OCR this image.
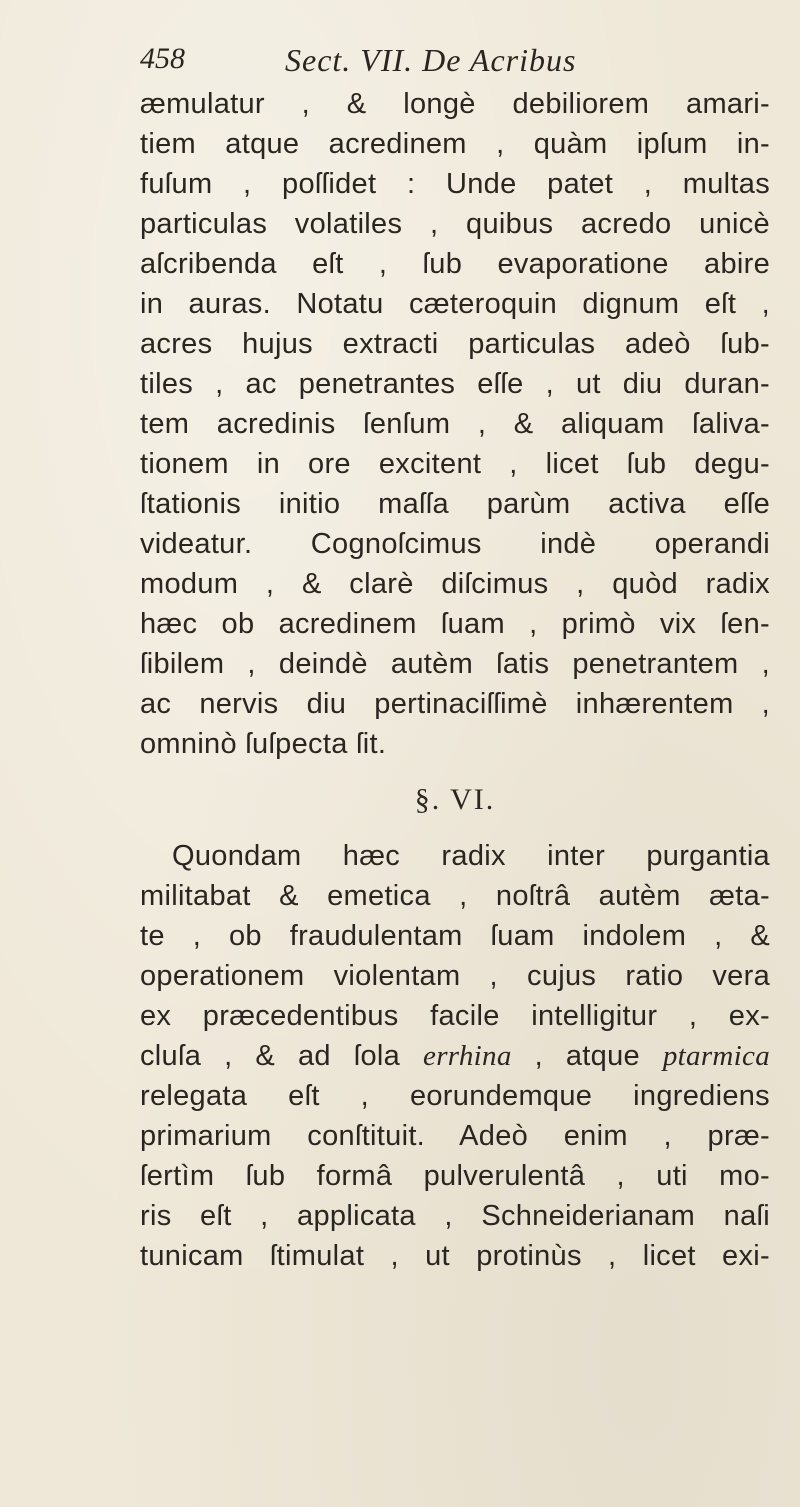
458	Sect. VII. De Acribus
æmulatur , & longè debiliorem amari-
tiem atque acredinem , quàm ipſum in-
fuſum , poſſidet : Unde patet , multas
particulas volatiles , quibus acredo unicè
aſcribenda eſt , ſub evaporatione abire
in auras. Notatu cæteroquin dignum eſt ,
acres hujus extracti particulas adeò ſub-
tiles , ac penetrantes eſſe , ut diu duran-
tem acredinis ſenſum , & aliquam ſaliva-
tionem in ore excitent , licet ſub degu-
ſtationis initio maſſa parùm activa eſſe
videatur. Cognoſcimus indè operandi
modum , & clarè diſcimus , quòd radix
hæc ob acredinem ſuam , primò vix ſen-
ſibilem , deindè autèm ſatis penetrantem ,
ac nervis diu pertinaciſſimè inhærentem ,
omninò ſuſpecta ſit.
§. VI.
Quondam hæc radix inter purgantia
militabat & emetica , noſtrâ autèm æta-
te , ob fraudulentam ſuam indolem , &
operationem violentam , cujus ratio vera
ex præcedentibus facile intelligitur , ex-
cluſa , & ad ſola errhina , atque ptarmica
relegata eſt , eorundemque ingrediens
primarium conſtituit. Adeò enim , præ-
ſertìm ſub formâ pulverulentâ , uti mo-
ris eſt , applicata , Schneiderianam naſi
tunicam ſtimulat , ut protinùs , licet exi-
